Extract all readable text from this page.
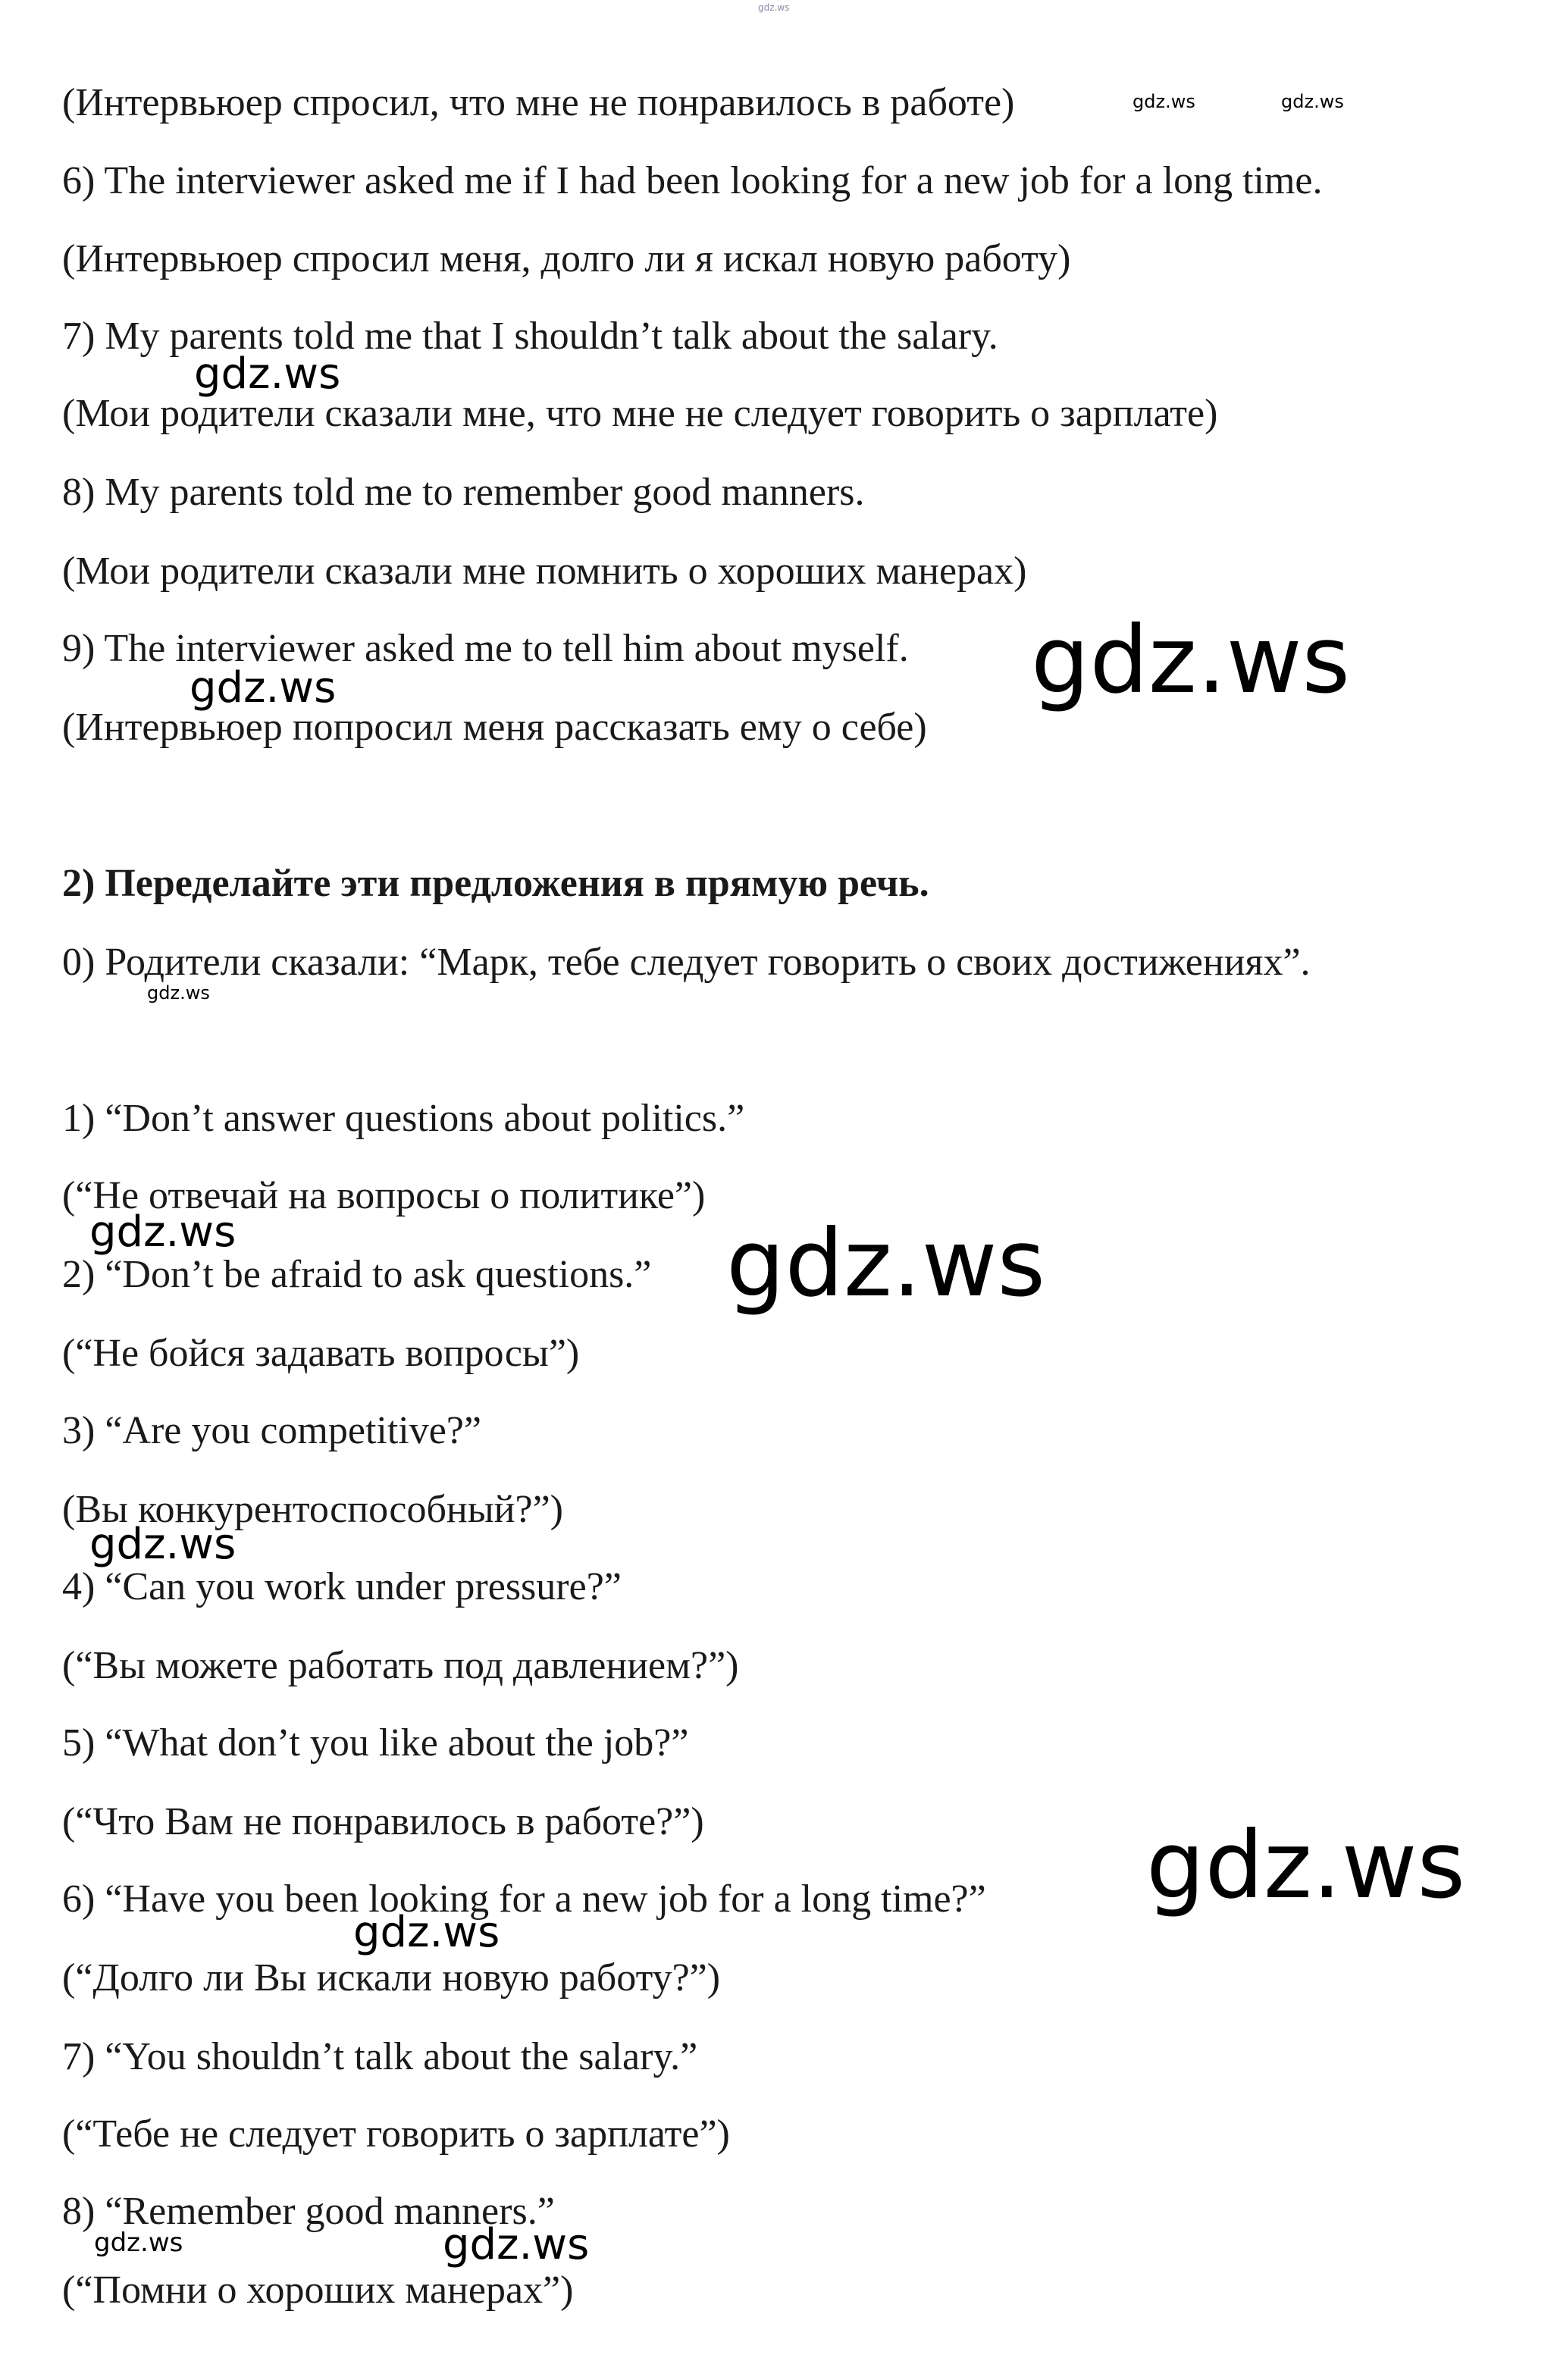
(Интервьюер спросил, что мне не понравилось в работе)
6) The interviewer asked me if I had been looking for a new job for a long time.
(Интервьюер спросил меня, долго ли я искал новую работу)
7) My parents told me that I shouldn’t talk about the salary.
(Мои родители сказали мне, что мне не следует говорить о зарплате)
8) My parents told me to remember good manners.
(Мои родители сказали мне помнить о хороших манерах)
9) The interviewer asked me to tell him about myself.
(Интервьюер попросил меня рассказать ему о себе)
2) Переделайте эти предложения в прямую речь.
0) Родители сказали: “Марк, тебе следует говорить о своих достижениях”.
1) “Don’t answer questions about politics.”
(“Не отвечай на вопросы о политике”)
2) “Don’t be afraid to ask questions.”
(“Не бойся задавать вопросы”)
3) “Are you competitive?”
(Вы конкурентоспособный?”)
4) “Can you work under pressure?”
(“Вы можете работать под давлением?”)
5) “What don’t you like about the job?”
(“Что Вам не понравилось в работе?”)
6) “Have you been looking for a new job for a long time?”
(“Долго ли Вы искали новую работу?”)
7) “You shouldn’t talk about the salary.”
(“Тебе не следует говорить о зарплате”)
8) “Remember good manners.”
(“Помни о хороших манерах”)
gdz.ws
gdz.ws	gdz.ws
gdz.ws
gdz.ws
gdz.ws
gdz.ws
gdz.ws	gdz.ws
gdz.ws
gdz.ws
gdz.ws
gdz.ws	gdz.ws
